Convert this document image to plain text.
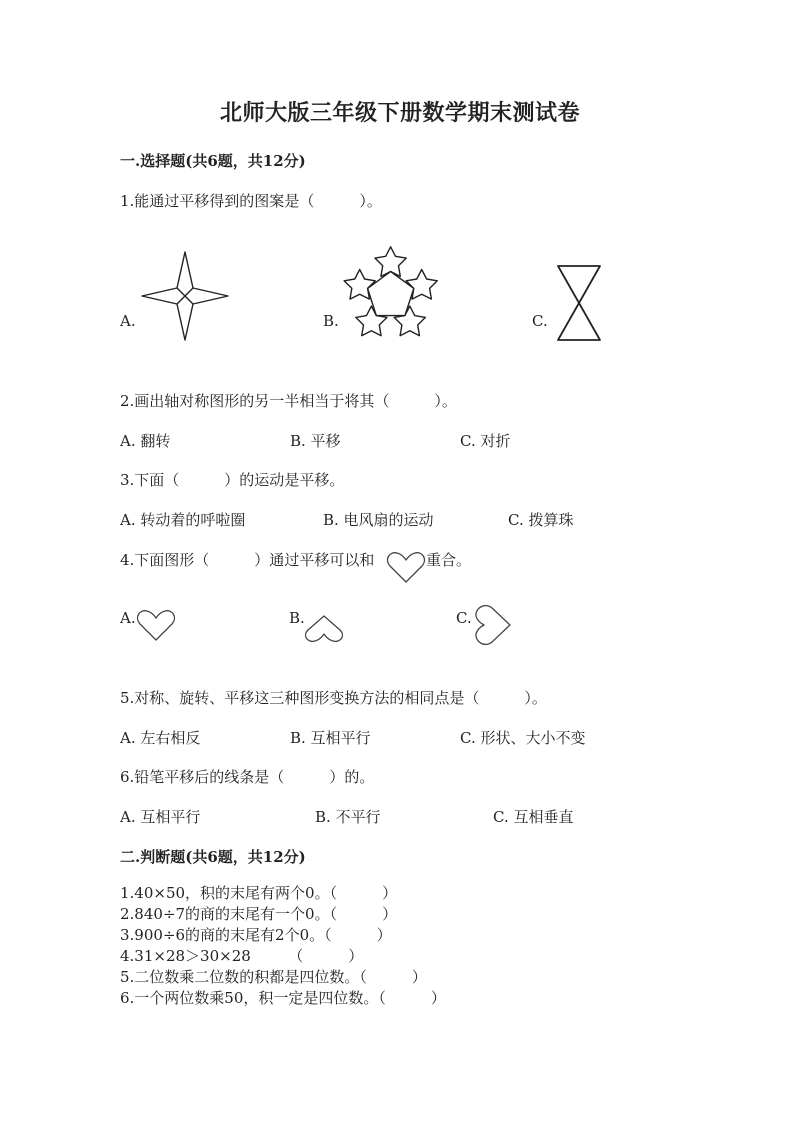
北师大版三年级下册数学期末测试卷
一.选择题(共6题，共12分)
1.能通过平移得到的图案是（　　　）。
A.	B.	C.
2.画出轴对称图形的另一半相当于将其（　　　）。
A. 翻转	B. 平移	C. 对折
3.下面（　　　）的运动是平移。
A. 转动着的呼啦圈	B. 电风扇的运动	C. 拨算珠
4.下面图形（　　　）通过平移可以和	重合。
A.	B.	C.
5.对称、旋转、平移这三种图形变换方法的相同点是（　　　）。
A. 左右相反	B. 互相平行	C. 形状、大小不变
6.铅笔平移后的线条是（　　　）的。
A. 互相平行	B. 不平行	C. 互相垂直
二.判断题(共6题，共12分)
1.40×50，积的末尾有两个0。（　　　）
2.840÷7的商的末尾有一个0。（　　　）
3.900÷6的商的末尾有2个0。（　　　）
4.31×28＞30×28　　　（　　　）
5.二位数乘二位数的积都是四位数。（　　　）
6.一个两位数乘50，积一定是四位数。（　　　）
